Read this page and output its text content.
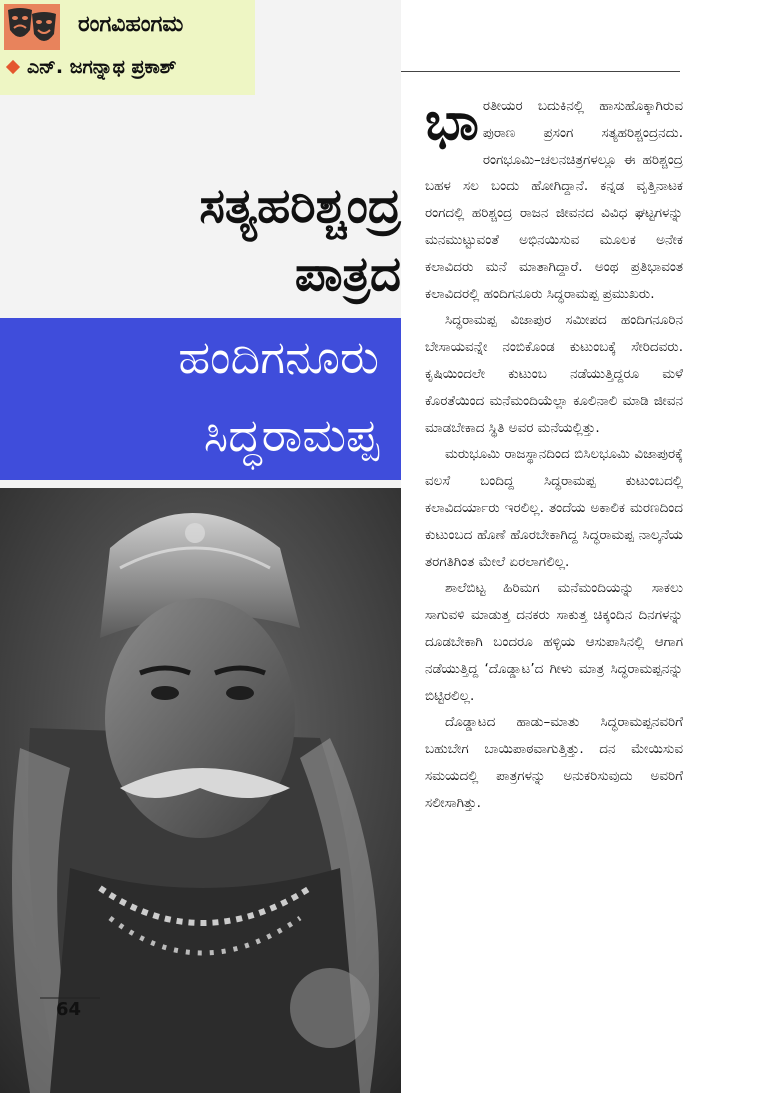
ರಂಗವಿಹಂಗಮ
ಎನ್. ಜಗನ್ನಾಥ ಪ್ರಕಾಶ್
ಸತ್ಯಹರಿಶ್ಚಂದ್ರ
ಪಾತ್ರದ
ಹಂದಿಗನೂರು
ಸಿದ್ಧರಾಮಪ್ಪ
64

ಭಾರತೀಯರ ಬದುಕಿನಲ್ಲಿ ಹಾಸುಹೊಕ್ಕಾಗಿರುವ ಪುರಾಣ ಪ್ರಸಂಗ ಸತ್ಯಹರಿಶ್ಚಂದ್ರನದು. ರಂಗಭೂಮಿ–ಚಲನಚಿತ್ರಗಳಲ್ಲೂ ಈ ಹರಿಶ್ಚಂದ್ರ ಬಹಳ ಸಲ ಬಂದು ಹೋಗಿದ್ದಾನೆ. ಕನ್ನಡ ವೃತ್ತಿನಾಟಕ ರಂಗದಲ್ಲಿ ಹರಿಶ್ಚಂದ್ರ ರಾಜನ ಜೀವನದ ವಿವಿಧ ಘಟ್ಟಗಳನ್ನು ಮನಮುಟ್ಟುವಂತೆ ಅಭಿನಯಿಸುವ ಮೂಲಕ ಅನೇಕ ಕಲಾವಿದರು ಮನೆ ಮಾತಾಗಿದ್ದಾರೆ. ಅಂಥ ಪ್ರತಿಭಾವಂತ ಕಲಾವಿದರಲ್ಲಿ ಹಂದಿಗನೂರು ಸಿದ್ಧರಾಮಪ್ಪ ಪ್ರಮುಖರು.

ಸಿದ್ಧರಾಮಪ್ಪ ವಿಜಾಪುರ ಸಮೀಪದ ಹಂದಿಗನೂರಿನ ಬೇಸಾಯವನ್ನೇ ನಂಬಿಕೊಂಡ ಕುಟುಂಬಕ್ಕೆ ಸೇರಿದವರು. ಕೃಷಿಯಿಂದಲೇ ಕುಟುಂಬ ನಡೆಯುತ್ತಿದ್ದರೂ ಮಳೆ ಕೊರತೆಯಿಂದ ಮನೆಮಂದಿಯೆಲ್ಲಾ ಕೂಲಿನಾಲಿ ಮಾಡಿ ಜೀವನ ಮಾಡಬೇಕಾದ ಸ್ಥಿತಿ ಅವರ ಮನೆಯಲ್ಲಿತ್ತು.

ಮರುಭೂಮಿ ರಾಜಸ್ಥಾನದಿಂದ ಬಿಸಿಲಭೂಮಿ ವಿಜಾಪುರಕ್ಕೆ ವಲಸೆ ಬಂದಿದ್ದ ಸಿದ್ಧರಾಮಪ್ಪ ಕುಟುಂಬದಲ್ಲಿ ಕಲಾವಿದರ್ಯಾರು ಇರಲಿಲ್ಲ. ತಂದೆಯ ಅಕಾಲಿಕ ಮರಣದಿಂದ ಕುಟುಂಬದ ಹೊಣೆ ಹೊರಬೇಕಾಗಿದ್ದ ಸಿದ್ಧರಾಮಪ್ಪ ನಾಲ್ಕನೆಯ ತರಗತಿಗಿಂತ ಮೇಲೆ ಏರಲಾಗಲಿಲ್ಲ.

ಶಾಲೆಬಿಟ್ಟ ಹಿರಿಮಗ ಮನೆಮಂದಿಯನ್ನು ಸಾಕಲು ಸಾಗುವಳಿ ಮಾಡುತ್ತ ದನಕರು ಸಾಕುತ್ತ ಚಿಕ್ಕಂದಿನ ದಿನಗಳನ್ನು ದೂಡಬೇಕಾಗಿ ಬಂದರೂ ಹಳ್ಳಿಯ ಆಸುಪಾಸಿನಲ್ಲಿ ಆಗಾಗ ನಡೆಯುತ್ತಿದ್ದ ‘ದೊಡ್ಡಾಟ’ದ ಗೀಳು ಮಾತ್ರ ಸಿದ್ಧರಾಮಪ್ಪನನ್ನು ಬಿಟ್ಟಿರಲಿಲ್ಲ.

ದೊಡ್ಡಾಟದ ಹಾಡು–ಮಾತು ಸಿದ್ಧರಾಮಪ್ಪನವರಿಗೆ ಬಹುಬೇಗ ಬಾಯಿಪಾಠವಾಗುತ್ತಿತ್ತು. ದನ ಮೇಯಿಸುವ ಸಮಯದಲ್ಲಿ ಪಾತ್ರಗಳನ್ನು ಅನುಕರಿಸುವುದು ಅವರಿಗೆ ಸಲೀಸಾಗಿತ್ತು.
